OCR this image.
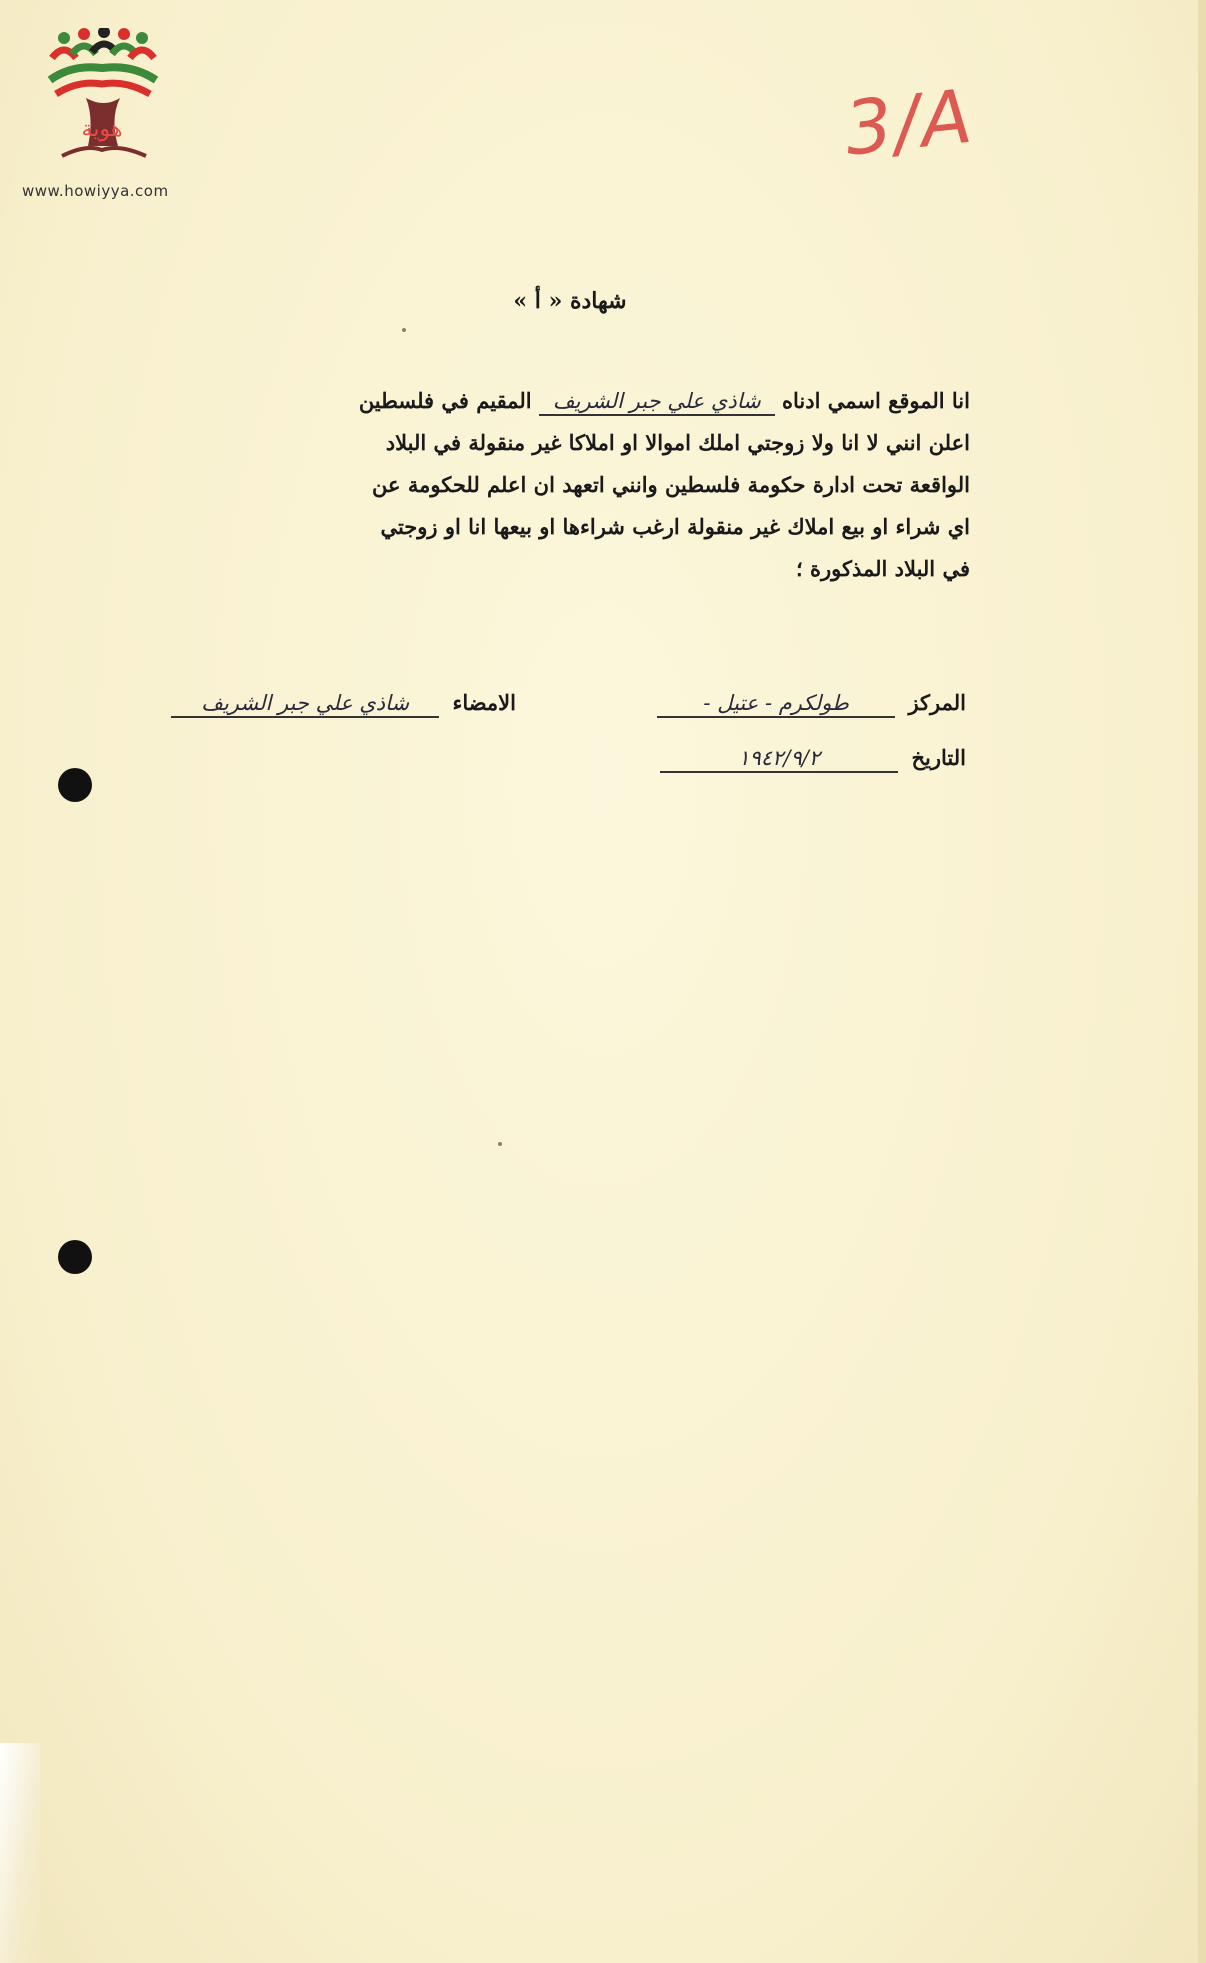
هوية
www.howiyya.com
3/A
شهادة « أ »
انا الموقع اسمي ادناه شاذي علي جبر الشريف المقيم في فلسطين
اعلن انني لا انا ولا زوجتي املك اموالا او املاكا غير منقولة في البلاد
الواقعة تحت ادارة حكومة فلسطين وانني اتعهد ان اعلم للحكومة عن
اي شراء او بيع املاك غير منقولة ارغب شراءها او بيعها انا او زوجتي
في البلاد المذكورة ؛
المركز طولكرم - عتيل -
التاريخ ١٩٤٢/٩/٢
الامضاء شاذي علي جبر الشريف
